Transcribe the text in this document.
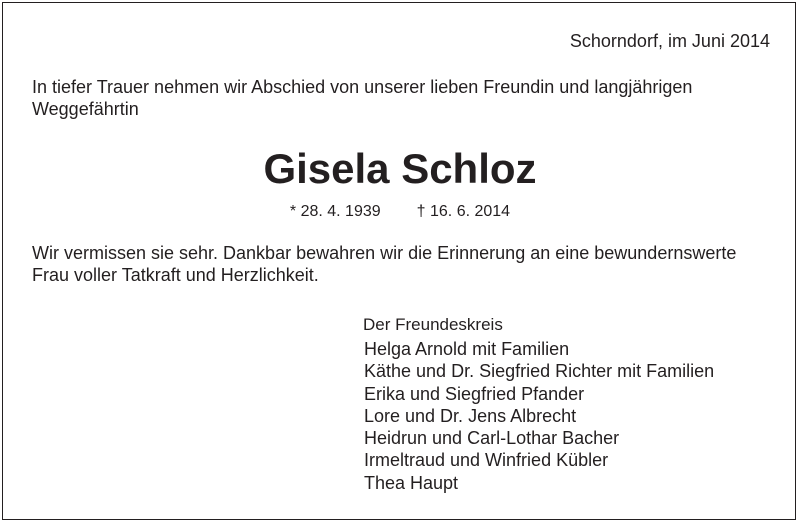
Schorndorf, im Juni 2014
In tiefer Trauer nehmen wir Abschied von unserer lieben Freundin und langjährigen Weggefährtin
Gisela Schloz
* 28. 4. 1939 † 16. 6. 2014
Wir vermissen sie sehr. Dankbar bewahren wir die Erinnerung an eine bewundernswerte Frau voller Tatkraft und Herzlichkeit.
Der Freundeskreis
Helga Arnold mit Familien
Käthe und Dr. Siegfried Richter mit Familien
Erika und Siegfried Pfander
Lore und Dr. Jens Albrecht
Heidrun und Carl-Lothar Bacher
Irmeltraud und Winfried Kübler
Thea Haupt
